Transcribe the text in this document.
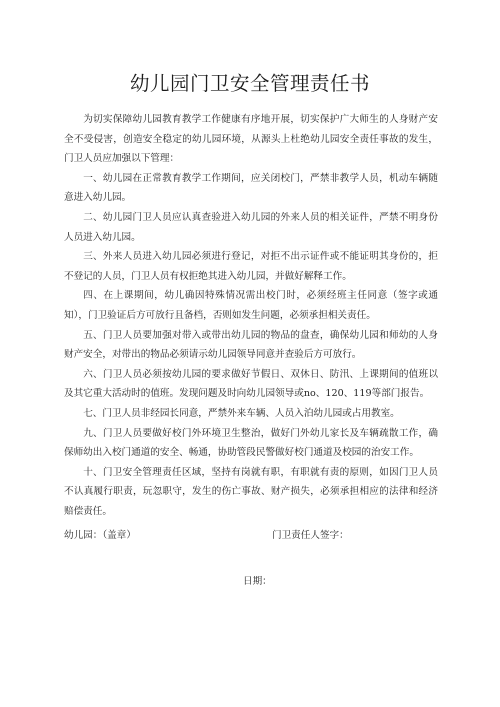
幼儿园门卫安全管理责任书

为切实保障幼儿园教育教学工作健康有序地开展，切实保护广大师生的人身财产安全不受侵害，创造安全稳定的幼儿园环境，从源头上杜绝幼儿园安全责任事故的发生，门卫人员应加强以下管理：

一、幼儿园在正常教育教学工作期间，应关闭校门，严禁非教学人员，机动车辆随意进入幼儿园。

二、幼儿园门卫人员应认真查验进入幼儿园的外来人员的相关证件，严禁不明身份人员进入幼儿园。

三、外来人员进入幼儿园必须进行登记，对拒不出示证件或不能证明其身份的，拒不登记的人员，门卫人员有权拒绝其进入幼儿园，并做好解释工作。

四、在上课期间，幼儿确因特殊情况需出校门时，必须经班主任同意（签字或通知），门卫验证后方可放行且备档，否则如发生问题，必须承担相关责任。

五、门卫人员要加强对带入或带出幼儿园的物品的盘查，确保幼儿园和师幼的人身财产安全，对带出的物品必须请示幼儿园领导同意并查验后方可放行。

六、门卫人员必须按幼儿园的要求做好节假日、双休日、防汛、上课期间的值班以及其它重大活动时的值班。发现问题及时向幼儿园领导或no、120、119等部门报告。

七、门卫人员非经园长同意，严禁外来车辆、人员入泊幼儿园或占用教室。

九、门卫人员要做好校门外环境卫生整治，做好门外幼儿家长及车辆疏散工作，确保师幼出入校门通道的安全、畅通，协助管段民警做好校门通道及校园的治安工作。

十、门卫安全管理责任区域，坚持有岗就有职，有职就有责的原则，如因门卫人员不认真履行职责，玩忽职守，发生的伤亡事故、财产损失，必须承担相应的法律和经济赔偿责任。

幼儿园：（盖章）	门卫责任人签字：
日期：
